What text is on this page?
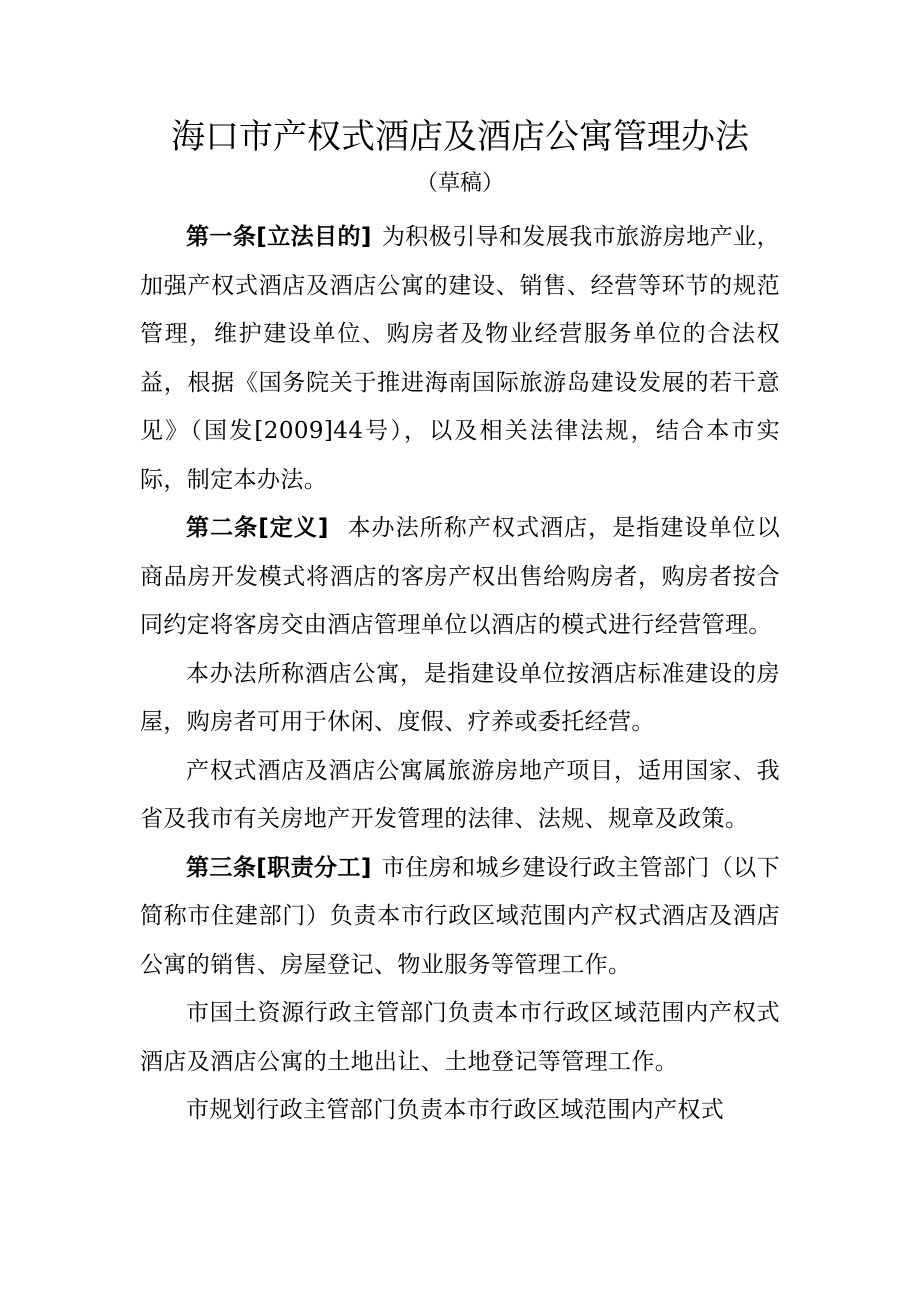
海口市产权式酒店及酒店公寓管理办法
（草稿）

第一条[立法目的] 为积极引导和发展我市旅游房地产业，加强产权式酒店及酒店公寓的建设、销售、经营等环节的规范管理，维护建设单位、购房者及物业经营服务单位的合法权益，根据《国务院关于推进海南国际旅游岛建设发展的若干意见》（国发[2009]44号），以及相关法律法规，结合本市实际，制定本办法。

第二条[定义] 本办法所称产权式酒店，是指建设单位以商品房开发模式将酒店的客房产权出售给购房者，购房者按合同约定将客房交由酒店管理单位以酒店的模式进行经营管理。

本办法所称酒店公寓，是指建设单位按酒店标准建设的房屋，购房者可用于休闲、度假、疗养或委托经营。

产权式酒店及酒店公寓属旅游房地产项目，适用国家、我省及我市有关房地产开发管理的法律、法规、规章及政策。

第三条[职责分工] 市住房和城乡建设行政主管部门（以下简称市住建部门）负责本市行政区域范围内产权式酒店及酒店公寓的销售、房屋登记、物业服务等管理工作。

市国土资源行政主管部门负责本市行政区域范围内产权式酒店及酒店公寓的土地出让、土地登记等管理工作。

市规划行政主管部门负责本市行政区域范围内产权式
